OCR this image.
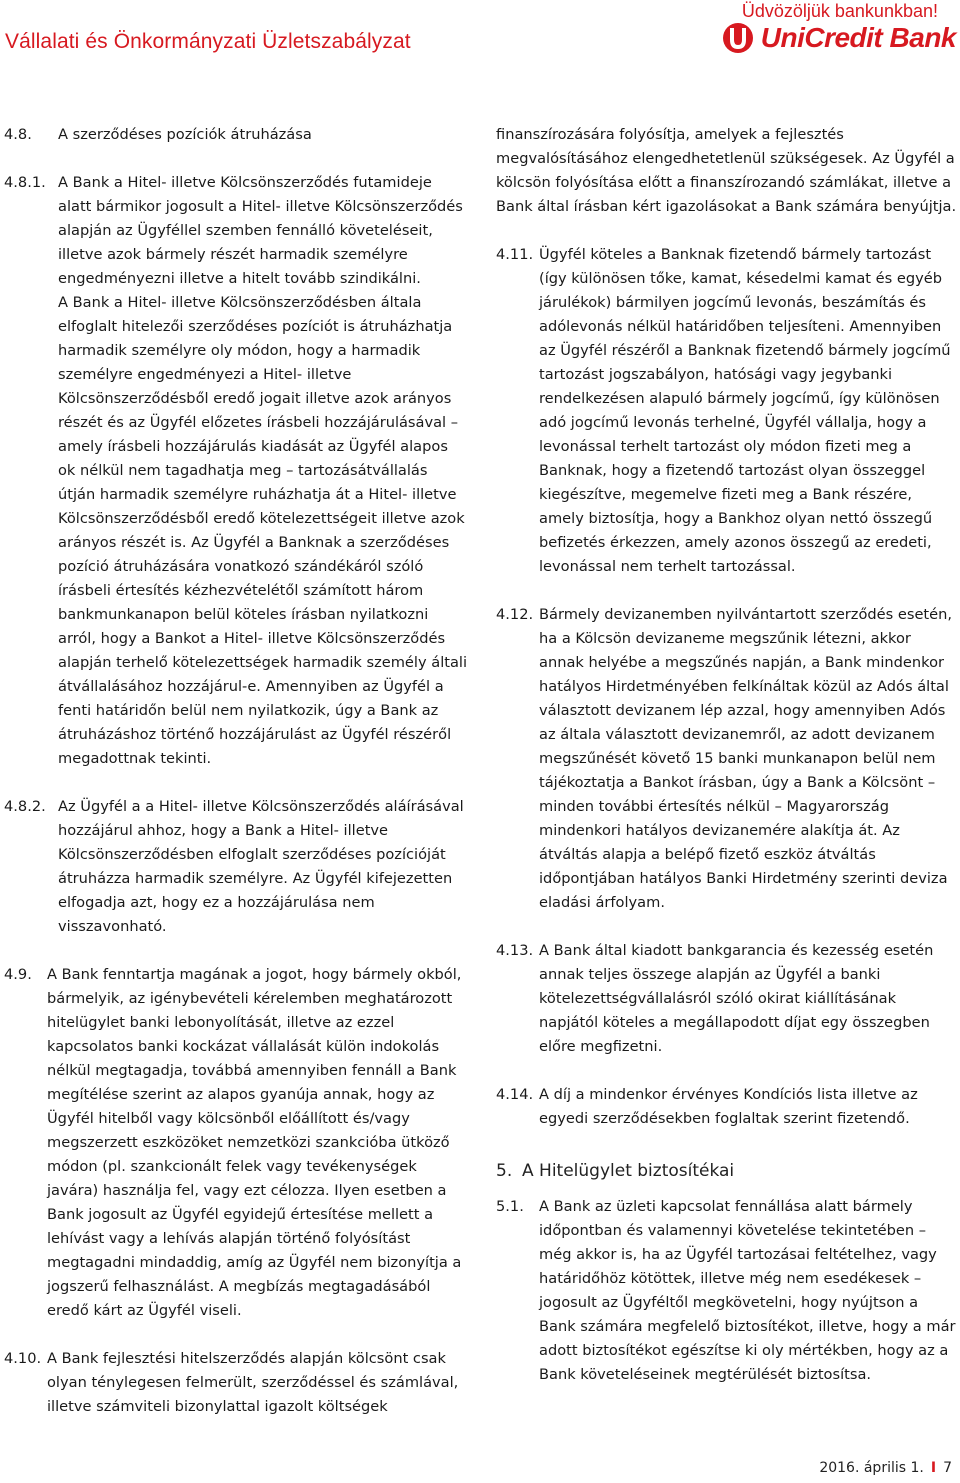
Vállalati és Önkormányzati Üzletszabályzat
Üdvözöljük bankunkban!
UniCredit Bank
4.8.	A szerződéses pozíciók átruházása
4.8.1. A Bank a Hitel- illetve Kölcsönszerződés futamideje alatt bármikor jogosult a Hitel- illetve Kölcsönszerződés alapján az Ügyféllel szemben fennálló követeléseit, illetve azok bármely részét harmadik személyre engedményezni illetve a hitelt tovább szindikálni.
A Bank a Hitel- illetve Kölcsönszerződésben általa elfoglalt hitelezői szerződéses pozíciót is átruházhatja harmadik személyre oly módon, hogy a harmadik személyre engedményezi a Hitel- illetve Kölcsönszerződésből eredő jogait illetve azok arányos részét és az Ügyfél előzetes írásbeli hozzájárulásával – amely írásbeli hozzájárulás kiadását az Ügyfél alapos ok nélkül nem tagadhatja meg – tartozásátvállalás útján harmadik személyre ruházhatja át a Hitel- illetve Kölcsönszerződésből eredő kötelezettségeit illetve azok arányos részét is. Az Ügyfél a Banknak a szerződéses pozíció átruházására vonatkozó szándékáról szóló írásbeli értesítés kézhezvételétől számított három bankmunkanapon belül köteles írásban nyilatkozni arról, hogy a Bankot a Hitel- illetve Kölcsönszerződés alapján terhelő kötelezettségek harmadik személy általi átvállalásához hozzájárul-e. Amennyiben az Ügyfél a fenti határidőn belül nem nyilatkozik, úgy a Bank az átruházáshoz történő hozzájárulást az Ügyfél részéről megadottnak tekinti.
4.8.2. Az Ügyfél a a Hitel- illetve Kölcsönszerződés aláírásával hozzájárul ahhoz, hogy a Bank a Hitel- illetve Kölcsönszerződésben elfoglalt szerződéses pozícióját átruházza harmadik személyre. Az Ügyfél kifejezetten elfogadja azt, hogy ez a hozzájárulása nem visszavonható.
4.9.	A Bank fenntartja magának a jogot, hogy bármely okból, bármelyik, az igénybevételi kérelemben meghatározott hitelügylet banki lebonyolítását, illetve az ezzel kapcsolatos banki kockázat vállalását külön indokolás nélkül megtagadja, továbbá amennyiben fennáll a Bank megítélése szerint az alapos gyanúja annak, hogy az Ügyfél hitelből vagy kölcsönből előállított és/vagy megszerzett eszközöket nemzetközi szankcióba ütköző módon (pl. szankcionált felek vagy tevékenységek javára) használja fel, vagy ezt célozza. Ilyen esetben a Bank jogosult az Ügyfél egyidejű értesítése mellett a lehívást vagy a lehívás alapján történő folyósítást megtagadni mindaddig, amíg az Ügyfél nem bizonyítja a jogszerű felhasználást. A megbízás megtagadásából eredő kárt az Ügyfél viseli.
4.10. A Bank fejlesztési hitelszerződés alapján kölcsönt csak olyan ténylegesen felmerült, szerződéssel és számlával, illetve számviteli bizonylattal igazolt költségek
finanszírozására folyósítja, amelyek a fejlesztés megvalósításához elengedhetetlenül szükségesek. Az Ügyfél a kölcsön folyósítása előtt a finanszírozandó számlákat, illetve a Bank által írásban kért igazolásokat a Bank számára benyújtja.
4.11. Ügyfél köteles a Banknak fizetendő bármely tartozást (így különösen tőke, kamat, késedelmi kamat és egyéb járulékok) bármilyen jogcímű levonás, beszámítás és adólevonás nélkül határidőben teljesíteni. Amennyiben az Ügyfél részéről a Banknak fizetendő bármely jogcímű tartozást jogszabályon, hatósági vagy jegybanki rendelkezésen alapuló bármely jogcímű, így különösen adó jogcímű levonás terhelné, Ügyfél vállalja, hogy a levonással terhelt tartozást oly módon fizeti meg a Banknak, hogy a fizetendő tartozást olyan összeggel kiegészítve, megemelve fizeti meg a Bank részére, amely biztosítja, hogy a Bankhoz olyan nettó összegű befizetés érkezzen, amely azonos összegű az eredeti, levonással nem terhelt tartozással.
4.12. Bármely devizanemben nyilvántartott szerződés esetén, ha a Kölcsön devizaneme megszűnik létezni, akkor annak helyébe a megszűnés napján, a Bank mindenkor hatályos Hirdetményében felkínáltak közül az Adós által választott devizanem lép azzal, hogy amennyiben Adós az általa választott devizanemről, az adott devizanem megszűnését követő 15 banki munkanapon belül nem tájékoztatja a Bankot írásban, úgy a Bank a Kölcsönt – minden további értesítés nélkül – Magyarország mindenkori hatályos devizanemére alakítja át. Az átváltás alapja a belépő fizető eszköz átváltás időpontjában hatályos Banki Hirdetmény szerinti deviza eladási árfolyam.
4.13. A Bank által kiadott bankgarancia és kezesség esetén annak teljes összege alapján az Ügyfél a banki kötelezettségvállalásról szóló okirat kiállításának napjától köteles a megállapodott díjat egy összegben előre megfizetni.
4.14. A díj a mindenkor érvényes Kondíciós lista illetve az egyedi szerződésekben foglaltak szerint fizetendő.
5. A Hitelügylet biztosítékai
5.1.	A Bank az üzleti kapcsolat fennállása alatt bármely időpontban és valamennyi követelése tekintetében – még akkor is, ha az Ügyfél tartozásai feltételhez, vagy határidőhöz kötöttek, illetve még nem esedékesek – jogosult az Ügyféltől megkövetelni, hogy nyújtson a Bank számára megfelelő biztosítékot, illetve, hogy a már adott biztosítékot egészítse ki oly mértékben, hogy az a Bank követeléseinek megtérülését biztosítsa.
2016. április 1. I 7
